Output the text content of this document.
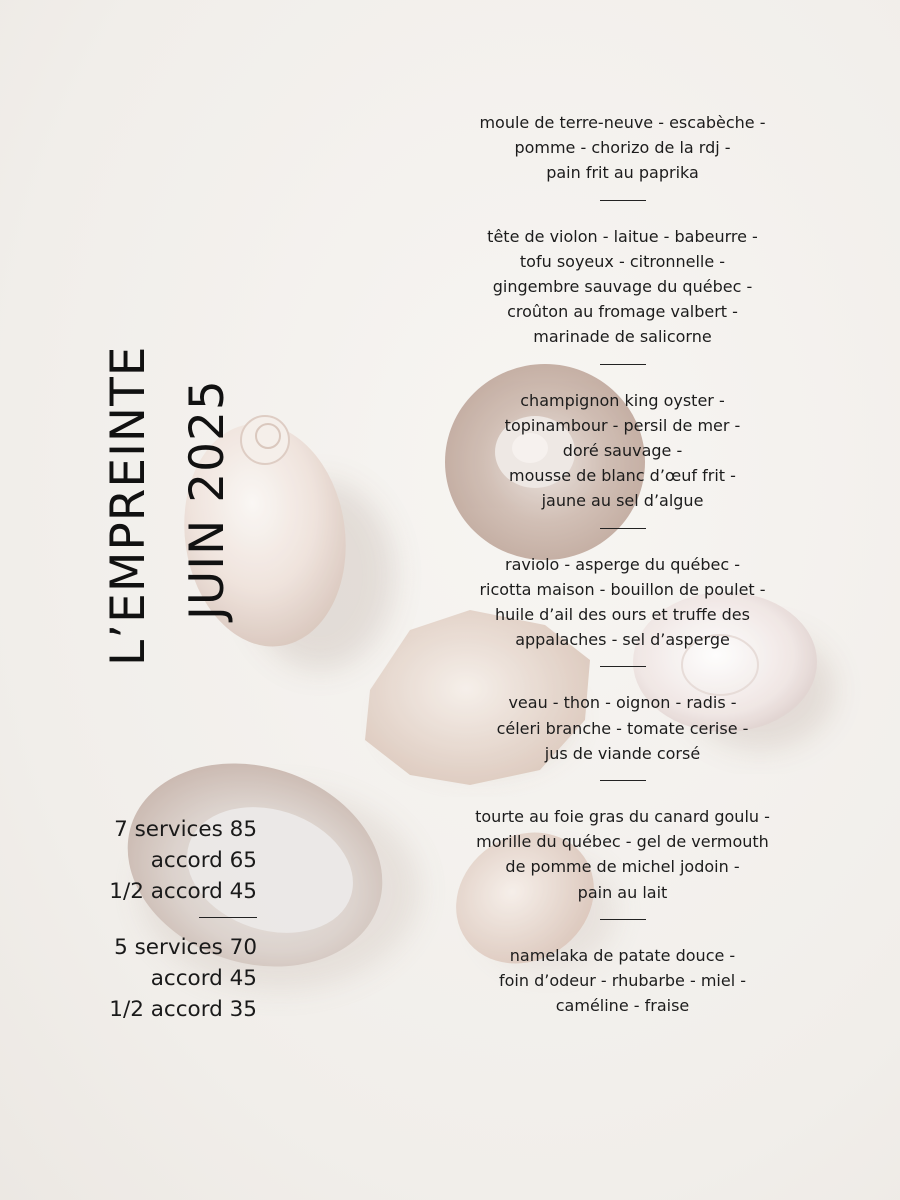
L’EMPREINTE JUIN 2025
7 services 85
accord 65
1/2 accord 45
5 services 70
accord 45
1/2 accord 35
moule de terre-neuve - escabèche -
pomme - chorizo de la rdj -
pain frit au paprika
tête de violon - laitue - babeurre -
tofu soyeux - citronnelle -
gingembre sauvage du québec -
croûton au fromage valbert -
marinade de salicorne
champignon king oyster -
topinambour - persil de mer -
doré sauvage -
mousse de blanc d’œuf frit -
jaune au sel d’algue
raviolo - asperge du québec -
ricotta maison - bouillon de poulet -
huile d’ail des ours et truffe des
appalaches - sel d’asperge
veau - thon - oignon - radis -
céleri branche - tomate cerise -
jus de viande corsé
tourte au foie gras du canard goulu -
morille du québec - gel de vermouth
de pomme de michel jodoin -
pain au lait
namelaka de patate douce -
foin d’odeur - rhubarbe - miel -
caméline - fraise
